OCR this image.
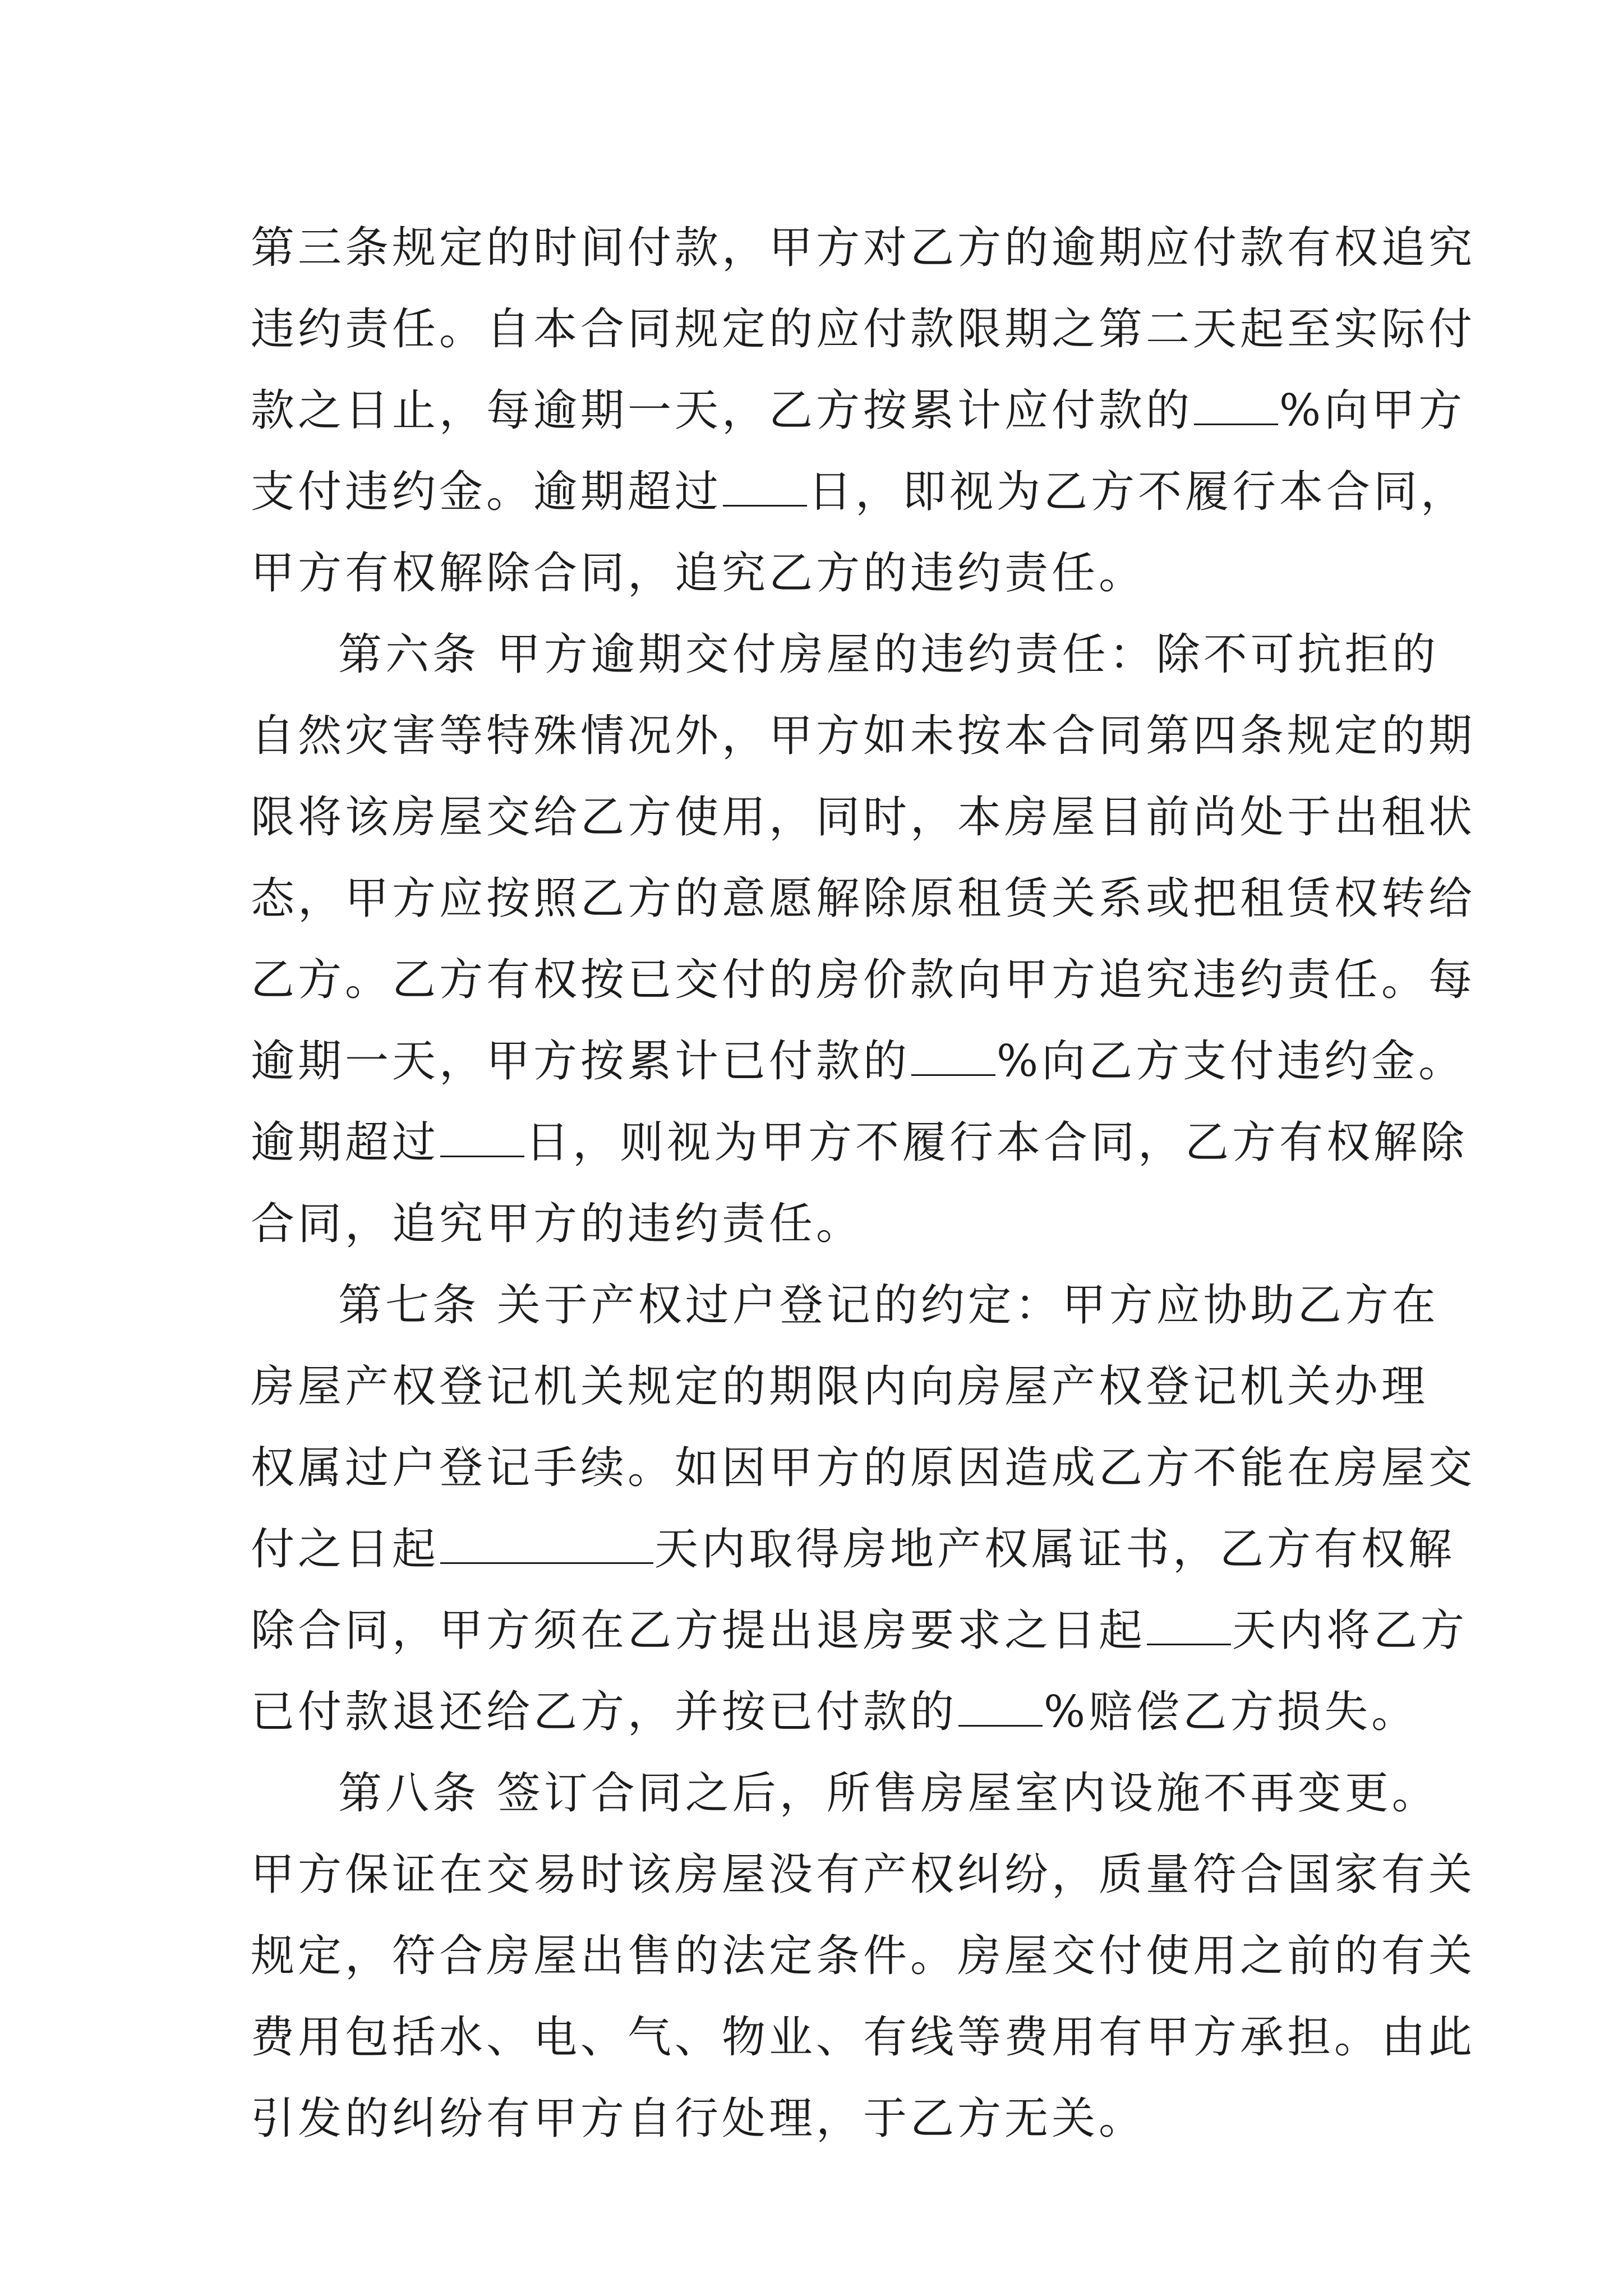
第三条规定的时间付款，甲方对乙方的逾期应付款有权追究
违约责任。自本合同规定的应付款限期之第二天起至实际付
款之日止，每逾期一天，乙方按累计应付款的 %向甲方
支付违约金。逾期超过 日，即视为乙方不履行本合同，
甲方有权解除合同，追究乙方的违约责任。
第六条 甲方逾期交付房屋的违约责任：除不可抗拒的
自然灾害等特殊情况外，甲方如未按本合同第四条规定的期
限将该房屋交给乙方使用，同时，本房屋目前尚处于出租状
态，甲方应按照乙方的意愿解除原租赁关系或把租赁权转给
乙方。乙方有权按已交付的房价款向甲方追究违约责任。每
逾期一天，甲方按累计已付款的 %向乙方支付违约金。
逾期超过 日，则视为甲方不履行本合同，乙方有权解除
合同，追究甲方的违约责任。
第七条 关于产权过户登记的约定：甲方应协助乙方在
房屋产权登记机关规定的期限内向房屋产权登记机关办理
权属过户登记手续。如因甲方的原因造成乙方不能在房屋交
付之日起	天内取得房地产权属证书，乙方有权解
除合同，甲方须在乙方提出退房要求之日起 天内将乙方
已付款退还给乙方，并按已付款的 %赔偿乙方损失。
第八条 签订合同之后，所售房屋室内设施不再变更。
甲方保证在交易时该房屋没有产权纠纷，质量符合国家有关
规定，符合房屋出售的法定条件。房屋交付使用之前的有关
费用包括水、电、气、物业、有线等费用有甲方承担。由此
引发的纠纷有甲方自行处理，于乙方无关。
